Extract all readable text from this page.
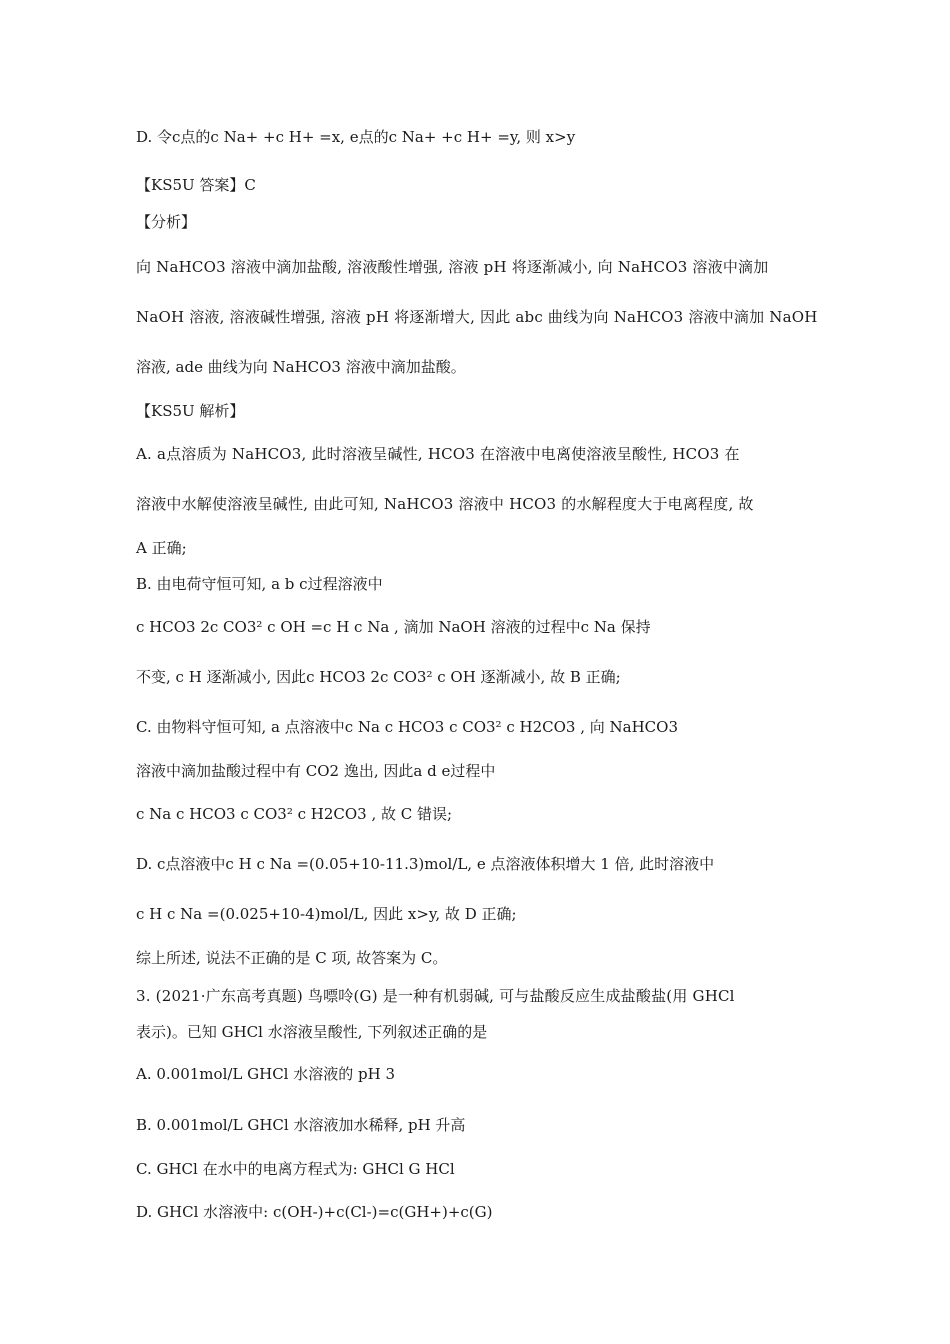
D. 令c点的c Na+ +c H+ =x, e点的c Na+ +c H+ =y, 则 x>y
【KS5U 答案】C
【分析】
向 NaHCO3 溶液中滴加盐酸, 溶液酸性增强, 溶液 pH 将逐渐减小, 向 NaHCO3 溶液中滴加
NaOH 溶液, 溶液碱性增强, 溶液 pH 将逐渐增大, 因此 abc 曲线为向 NaHCO3 溶液中滴加 NaOH
溶液, ade 曲线为向 NaHCO3 溶液中滴加盐酸。
【KS5U 解析】
A. a点溶质为 NaHCO3, 此时溶液呈碱性, HCO3 在溶液中电离使溶液呈酸性, HCO3 在
溶液中水解使溶液呈碱性, 由此可知, NaHCO3 溶液中 HCO3 的水解程度大于电离程度, 故
A 正确;
B. 由电荷守恒可知, a b c过程溶液中
c HCO3 2c CO3² c OH =c H c Na , 滴加 NaOH 溶液的过程中c Na 保持
不变, c H 逐渐减小, 因此c HCO3 2c CO3² c OH 逐渐减小, 故 B 正确;
C. 由物料守恒可知, a 点溶液中c Na c HCO3 c CO3² c H2CO3 , 向 NaHCO3
溶液中滴加盐酸过程中有 CO2 逸出, 因此a d e过程中
c Na c HCO3 c CO3² c H2CO3 , 故 C 错误;
D. c点溶液中c H c Na =(0.05+10-11.3)mol/L, e 点溶液体积增大 1 倍, 此时溶液中
c H c Na =(0.025+10-4)mol/L, 因此 x>y, 故 D 正确;
综上所述, 说法不正确的是 C 项, 故答案为 C。
3. (2021·广东高考真题) 鸟嘌呤(G) 是一种有机弱碱, 可与盐酸反应生成盐酸盐(用 GHCl
表示)。已知 GHCl 水溶液呈酸性, 下列叙述正确的是
A. 0.001mol/L GHCl 水溶液的 pH 3
B. 0.001mol/L GHCl 水溶液加水稀释, pH 升高
C. GHCl 在水中的电离方程式为: GHCl G HCl
D. GHCl 水溶液中: c(OH-)+c(Cl-)=c(GH+)+c(G)
